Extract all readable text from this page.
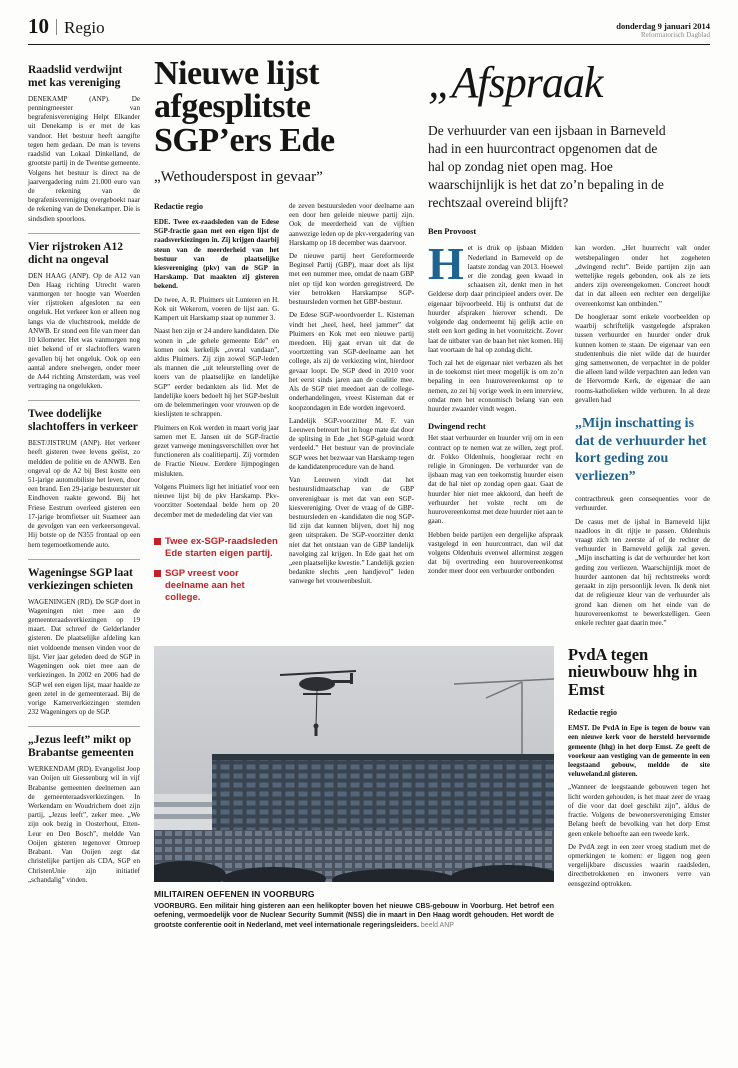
10 Regio	donderdag 9 januari 2014
Reformatorisch Dagblad
Raadslid verdwijnt met kas vereniging

DENEKAMP (ANP). De penningmeester van begrafenisvereniging Helpt Elkander uit Denekamp is er met de kas vandoor. Het bestuur heeft aangifte tegen hem gedaan. De man is tevens raadslid van Lokaal Dinkelland, de grootste partij in de Twentse gemeente. Volgens het bestuur is direct na de jaarvergadering ruim 21.000 euro van de rekening van de begrafenisvereniging overgeboekt naar de rekening van de Denekamper. Die is sindsdien spoorloos.

Vier rijstroken A12 dicht na ongeval

DEN HAAG (ANP). Op de A12 van Den Haag richting Utrecht waren vanmorgen ter hoogte van Woerden vier rijstroken afgesloten na een ongeluk. Het verkeer kon er alleen nog langs via de vluchtstrook, meldde de ANWB. Er stond een file van meer dan 10 kilometer. Het was vanmorgen nog niet bekend of er slachtoffers waren gevallen bij het ongeluk. Ook op een aantal andere snelwegen, onder meer de A44 richting Amsterdam, was veel vertraging na ongelukken.

Twee dodelijke slachtoffers in verkeer

BEST/JISTRUM (ANP). Het verkeer heeft gisteren twee levens geëist, zo meldden de politie en de ANWB. Een ongeval op de A2 bij Best kostte een 51-jarige automobiliste het leven, door een brand. Een 29-jarige bestuurster uit Eindhoven raakte gewond. Bij het Friese Eestrum overleed gisteren een 17-jarige bromfietser uit Suameer aan de gevolgen van een verkeersongeval. Hij botste op de N355 frontaal op een hem tegemoetkomende auto.

Wageningse SGP laat verkiezingen schieten

WAGENINGEN (RD). De SGP doet in Wageningen niet mee aan de gemeenteraadsverkiezingen op 19 maart. Dat schreef de Gelderlander gisteren. De plaatselijke afdeling kan niet voldoende mensen vinden voor de lijst. Vier jaar geleden deed de SGP in Wageningen ook niet mee aan de verkiezingen. In 2002 en 2006 had de SGP wel een eigen lijst, maar haalde ze geen zetel in de gemeenteraad. Bij de vorige Kamerverkiezingen stemden 232 Wageningers op de SGP.

„Jezus leeft” mikt op Brabantse gemeenten

WERKENDAM (RD). Evangelist Joop van Ooijen uit Giessenburg wil in vijf Brabantse gemeenten deelnemen aan de gemeenteraadsverkiezingen. In Werkendam en Woudrichem doet zijn partij, „Jezus leeft”, zeker mee. „We zijn ook bezig in Oosterhout, Etten-Leur en Den Bosch”, meldde Van Ooijen gisteren tegenover Omroep Brabant. Van Ooijen zegt dat christelijke partijen als CDA, SGP en ChristenUnie zijn initiatief „schandalig” vinden.

Nieuwe lijst afgesplitste SGP’ers Ede
„Wethouderspost in gevaar”
Redactie regio

EDE. Twee ex-raadsleden van de Edese SGP-fractie gaan met een eigen lijst de raadsverkiezingen in. Zij krijgen daarbij steun van de meerderheid van het bestuur van de plaatselijke kiesvereniging (pkv) van de SGP in Harskamp. Dat maakten zij gisteren bekend.

De twee, A. R. Pluimers uit Lunteren en H. Kok uit Wekerom, voeren de lijst aan. G. Kampert uit Harskamp staat op nummer 3.

Naast hen zijn er 24 andere kandidaten. Die wonen in „de gehele gemeente Ede” en komen ook kerkelijk „overal vandaan”, aldus Pluimers. Zij zijn zowel SGP-leden als mannen die „uit teleurstelling over de koers van de plaatselijke en landelijke SGP” eerder bedankten als lid. Met de landelijke koers bedoelt hij het SGP-besluit om de belemmeringen voor vrouwen op de kieslijsten te schrappen.

Pluimers en Kok werden in maart vorig jaar samen met E. Jansen uit de SGP-fractie gezet vanwege meningsverschillen over het functioneren als coalitiepartij. Zij vormden de Fractie Nieuw. Eerdere lijmpogingen mislukten.

Volgens Pluimers ligt het initiatief voor een nieuwe lijst bij de pkv Harskamp. Pkv-voorzitter Soetendaal belde hem op 20 december met de mededeling dat vier van

Twee ex-SGP-raadsleden Ede starten eigen partij.
SGP vreest voor deelname aan het college.

de zeven bestuursleden voor deelname aan een door hen geleide nieuwe partij zijn. Ook de meerderheid van de vijftien aanwezige leden op de pkv-vergadering van Harskamp op 18 december was daarvoor.

De nieuwe partij heet Gereformeerde Beginsel Partij (GBP), maar doet als lijst met een nummer mee, omdat de naam GBP niet op tijd kon worden geregistreerd. De vier betrokken Harskampse SGP-bestuursleden vormen het GBP-bestuur.

De Edese SGP-woordvoerder L. Kisteman vindt het „heel, heel, heel jammer” dat Pluimers en Kok met een nieuwe partij meedoen. Hij gaat ervan uit dat de voortzetting van SGP-deelname aan het college, als zij de verkiezing wint, hierdoor gevaar loopt. De SGP deed in 2010 voor het eerst sinds jaren aan de coalitie mee. Als de SGP niet meedoet aan de college-onderhandelingen, vreest Kisteman dat er koopzondagen in Ede worden ingevoerd.

Landelijk SGP-voorzitter M. F. van Leeuwen betreurt het in hoge mate dat door de splitsing in Ede „het SGP-geluid wordt verdeeld.” Het bestuur van de provinciale SGP wees het bezwaar van Harskamp tegen de kandidatenprocedure van de hand.

Van Leeuwen vindt dat het bestuurslidmaatschap van de GBP onverenigbaar is met dat van een SGP-kiesvereniging. Over de vraag of de GBP-bestuursleden en -kandidaten die nog SGP-lid zijn dat kunnen blijven, doet hij nog geen uitspraken. De SGP-voorzitter denkt niet dat het ontstaan van de GBP landelijk navolging zal krijgen. In Ede gaat het om „een plaatselijke kwestie.” Landelijk gezien bedankte slechts „een handjevol” leden vanwege het vrouwenbesluit.

„Afspraak
De verhuurder van een ijsbaan in Barneveld had in een huurcontract opgenomen dat de hal op zondag niet open mag. Hoe waarschijnlijk is het dat zo’n bepaling in de rechtszaal overeind blijft?
Ben Provoost

Het is druk op ijsbaan Midden Nederland in Barneveld op de laatste zondag van 2013. Hoewel er die zondag geen kwaad in schaatsen zit, denkt men in het Gelderse dorp daar principieel anders over. De eigenaar bijvoorbeeld. Hij is onthutst dat de huurder afspraken hierover schendt. De volgende dag onderneemt hij gelijk actie en stelt een kort geding in het vooruitzicht. Zover laat de uitbater van de baan het niet komen. Hij laat voortaan de hal op zondag dicht.

Toch zal het de eigenaar niet verbazen als het in de toekomst niet meer mogelijk is om zo’n bepaling in een huurovereenkomst op te nemen, zo zei hij vorige week in een interview, omdat men het economisch belang van een huurder zwaarder vindt wegen.

Dwingend recht

Het staat verhuurder en huurder vrij om in een contract op te nemen wat ze willen, zegt prof. dr. Fokko Oldenhuis, hoogleraar recht en religie in Groningen. De verhuurder van de ijsbaan mag van een toekomstig huurder eisen dat de hal niet op zondag open gaat. Gaat de huurder hier niet mee akkoord, dan heeft de verhuurder het volste recht om de huurovereenkomst met deze huurder niet aan te gaan.

Hebben beide partijen een dergelijke afspraak vastgelegd in een huurcontract, dan wil dat volgens Oldenhuis evenwel allerminst zeggen dat bij overtreding een huurovereenkomst zonder meer door een verhuurder ontbonden

kan worden. „Het huurrecht valt onder wetsbepalingen onder het zogeheten „dwingend recht”. Beide partijen zijn aan wettelijke regels gebonden, ook als ze iets anders zijn overeengekomen. Concreet houdt dat in dat alleen een rechter een dergelijke overeenkomst kan ontbinden.”

De hoogleraar somt enkele voorbeelden op waarbij schriftelijk vastgelegde afspraken tussen verhuurder en huurder onder druk kunnen komen te staan. De eigenaar van een studentenhuis die niet wilde dat de huurder ging samenwonen, de verpachter in de polder die alleen land wilde verpachten aan leden van de Hervormde Kerk, de eigenaar die aan rooms-katholieken wilde verhuren. In al deze gevallen had

„Mijn inschatting is dat de verhuurder het kort geding zou verliezen”

contractbreuk geen consequenties voor de verhuurder.

De casus met de ijshal in Barneveld lijkt naadloos in dit rijtje te passen. Oldenhuis vraagt zich ten zeerste af of de rechter de verhuurder in Barneveld gelijk zal geven. „Mijn inschatting is dat de verhuurder het kort geding zou verliezen. Waarschijnlijk moet de huurder aantonen dat hij rechtstreeks wordt geraakt in zijn persoonlijk leven. Ik denk niet dat de religieuze kleur van de verhuurder als grond kan dienen om het einde van de huurovereenkomst te bewerkstelligen. Geen enkele rechter gaat daarin mee.”

MILITAIREN OEFENEN IN VOORBURG

VOORBURG. Een militair hing gisteren aan een helikopter boven het nieuwe CBS-gebouw in Voorburg. Het betrof een oefening, vermoedelijk voor de Nuclear Security Summit (NSS) die in maart in Den Haag wordt gehouden. Het wordt de grootste conferentie ooit in Nederland, met veel internationale regeringsleiders. beeld ANP

PvdA tegen nieuwbouw hhg in Emst
Redactie regio

EMST. De PvdA in Epe is tegen de bouw van een nieuwe kerk voor de hersteld hervormde gemeente (hhg) in het dorp Emst. Ze geeft de voorkeur aan vestiging van de gemeente in een leegstaand gebouw, meldde de site veluweland.nl gisteren.

„Wanneer de leegstaande gebouwen tegen het licht worden gehouden, is het maar zeer de vraag of die voor dat doel geschikt zijn”, aldus de fractie. Volgens de bewonersvereniging Emster Belang heeft de bevolking van het dorp Emst geen enkele behoefte aan een tweede kerk.

De PvdA zegt in een zeer vroeg stadium met de opmerkingen te komen: er liggen nog geen vergelijkbare discussies waarin raadsleden, directbetrokkenen en inwoners verre van eensgezind optrokken.
